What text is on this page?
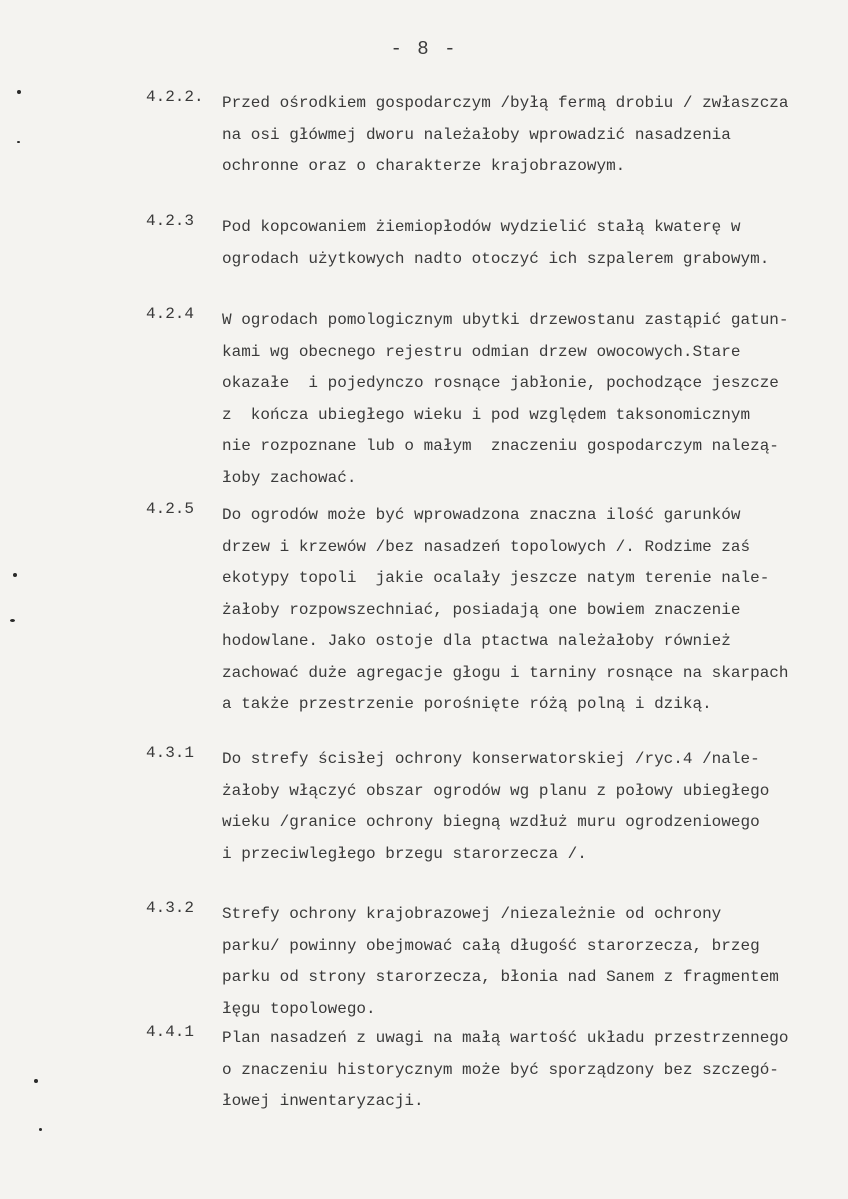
- 8 -
4.2.2.	Przed ośrodkiem gospodarczym /byłą fermą drobiu / zwłaszcza
na osi główmej dworu należałoby wprowadzić nasadzenia
ochronne oraz o charakterze krajobrazowym.
4.2.3	Pod kopcowaniem żiemiopłodów wydzielić stałą kwaterę w
ogrodach użytkowych nadto otoczyć ich szpalerem grabowym.
4.2.4	W ogrodach pomologicznym ubytki drzewostanu zastąpić gatun-
kami wg obecnego rejestru odmian drzew owocowych.Stare
okazałe  i pojedynczo rosnące jabłonie, pochodzące jeszcze
z  kończa ubiegłego wieku i pod względem taksonomicznym
nie rozpoznane lub o małym  znaczeniu gospodarczym nalezą-
łoby zachować.
4.2.5	Do ogrodów może być wprowadzona znaczna ilość garunków
drzew i krzewów /bez nasadzeń topolowych /. Rodzime zaś
ekotypy topoli  jakie ocalały jeszcze natym terenie nale-
żałoby rozpowszechniać, posiadają one bowiem znaczenie
hodowlane. Jako ostoje dla ptactwa należałoby również
zachować duże agregacje głogu i tarniny rosnące na skarpach
a także przestrzenie porośnięte różą polną i dziką.
4.3.1	Do strefy ścisłej ochrony konserwatorskiej /ryc.4 /nale-
żałoby włączyć obszar ogrodów wg planu z połowy ubiegłego
wieku /granice ochrony biegną wzdłuż muru ogrodzeniowego
i przeciwległego brzegu starorzecza /.
4.3.2	Strefy ochrony krajobrazowej /niezależnie od ochrony
parku/ powinny obejmować całą długość starorzecza, brzeg
parku od strony starorzecza, błonia nad Sanem z fragmentem
łęgu topolowego.
4.4.1	Plan nasadzeń z uwagi na małą wartość układu przestrzennego
o znaczeniu historycznym może być sporządzony bez szczegó-
łowej inwentaryzacji.
